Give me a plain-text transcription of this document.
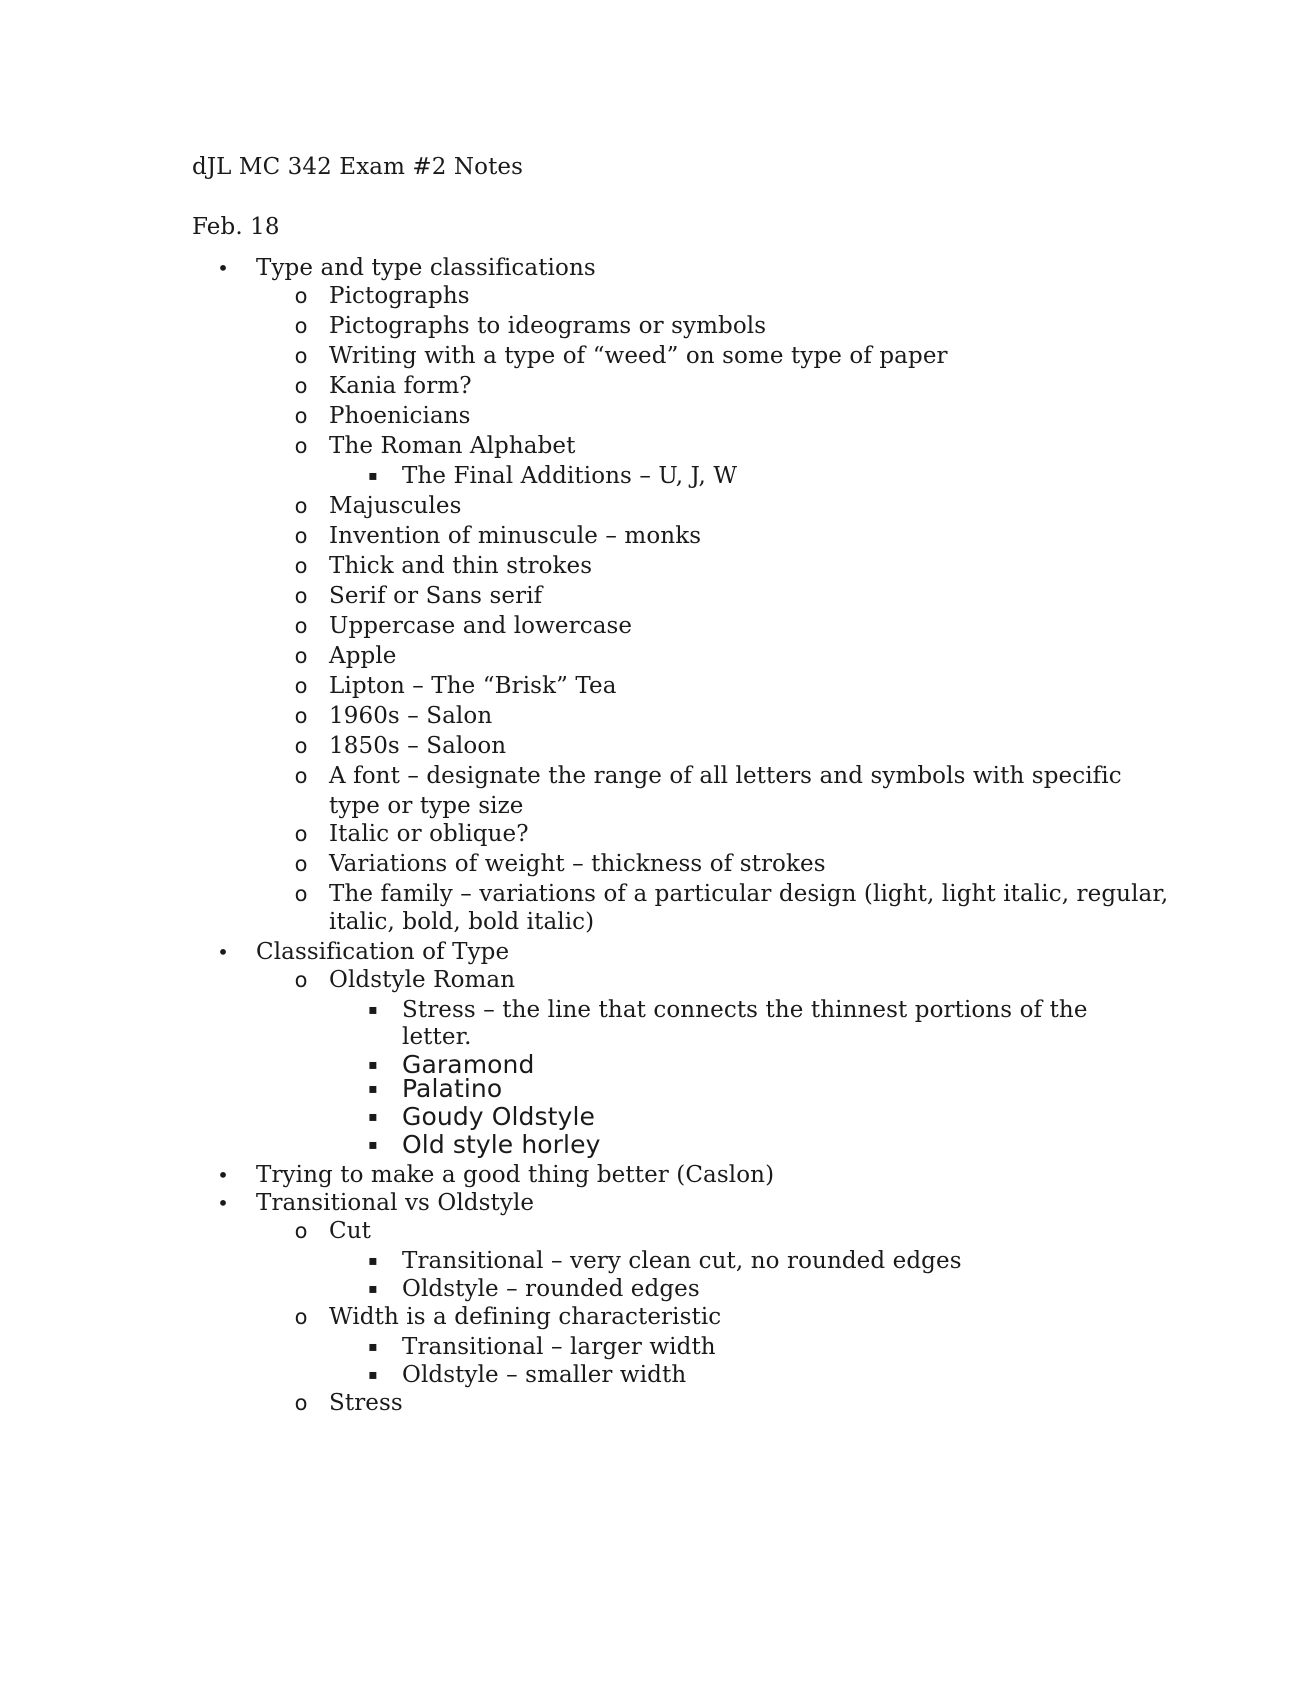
dJL MC 342 Exam #2 Notes
Feb. 18
• Type and type classifications
o Pictographs
o Pictographs to ideograms or symbols
o Writing with a type of “weed” on some type of paper
o Kania form?
o Phoenicians
o The Roman Alphabet
▪ The Final Additions – U, J, W
o Majuscules
o Invention of minuscule – monks
o Thick and thin strokes
o Serif or Sans serif
o Uppercase and lowercase
o Apple
o Lipton – The “Brisk” Tea
o 1960s – Salon
o 1850s – Saloon
o A font – designate the range of all letters and symbols with specific
type or type size
o Italic or oblique?
o Variations of weight – thickness of strokes
o The family – variations of a particular design (light, light italic, regular,
italic, bold, bold italic)
• Classification of Type
o Oldstyle Roman
▪ Stress – the line that connects the thinnest portions of the
letter.
▪ Garamond
▪ Palatino
▪ Goudy Oldstyle
▪ Old style horley
• Trying to make a good thing better (Caslon)
• Transitional vs Oldstyle
o Cut
▪ Transitional – very clean cut, no rounded edges
▪ Oldstyle – rounded edges
o Width is a defining characteristic
▪ Transitional – larger width
▪ Oldstyle – smaller width
o Stress
